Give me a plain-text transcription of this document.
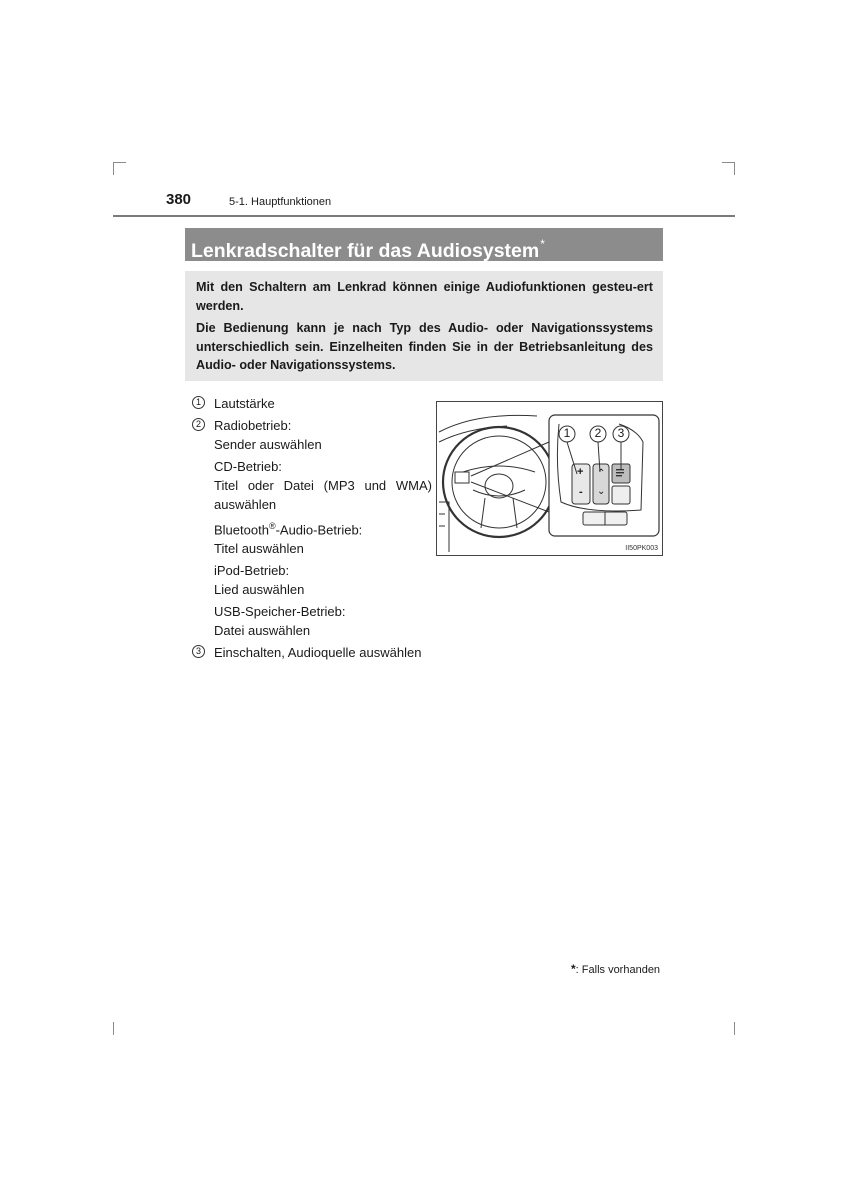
380	5-1. Hauptfunktionen
Lenkradschalter für das Audiosystem*

Mit den Schaltern am Lenkrad können einige Audiofunktionen gesteu-ert werden.

Die Bedienung kann je nach Typ des Audio- oder Navigationssystems unterschiedlich sein. Einzelheiten finden Sie in der Betriebsanleitung des Audio- oder Navigationssystems.

1	Lautstärke
2	Radiobetrieb:
Sender auswählen
CD-Betrieb:
Titel oder Datei (MP3 und WMA)
auswählen
Bluetooth®-Audio-Betrieb:
Titel auswählen
iPod-Betrieb:
Lied auswählen
USB-Speicher-Betrieb:
Datei auswählen
3	Einschalten, Audioquelle auswählen
1 2 3
+
-
⌃
⌄
II50PK003
*: Falls vorhanden
